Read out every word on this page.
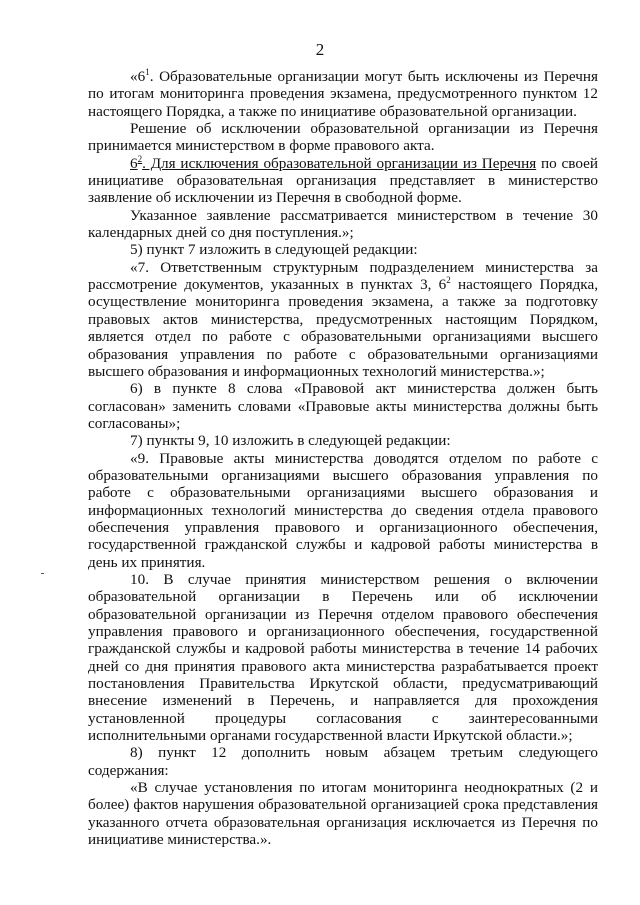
2

«$6^1$. Образовательные организации могут быть исключены из Перечня по итогам мониторинга проведения экзамена, предусмотренного пунктом 12 настоящего Порядка, а также по инициативе образовательной организации.

Решение об исключении образовательной организации из Перечня принимается министерством в форме правового акта.

$6^2$. Для исключения образовательной организации из Перечня по своей инициативе образовательная организация представляет в министерство заявление об исключении из Перечня в свободной форме.

Указанное заявление рассматривается министерством в течение 30 календарных дней со дня поступления.»;

5) пункт 7 изложить в следующей редакции:

«7. Ответственным структурным подразделением министерства за рассмотрение документов, указанных в пунктах 3, $6^2$ настоящего Порядка, осуществление мониторинга проведения экзамена, а также за подготовку правовых актов министерства, предусмотренных настоящим Порядком, является отдел по работе с образовательными организациями высшего образования управления по работе с образовательными организациями высшего образования и информационных технологий министерства.»;

6) в пункте 8 слова «Правовой акт министерства должен быть согласован» заменить словами «Правовые акты министерства должны быть согласованы»;

7) пункты 9, 10 изложить в следующей редакции:

«9. Правовые акты министерства доводятся отделом по работе с образовательными организациями высшего образования управления по работе с образовательными организациями высшего образования и информационных технологий министерства до сведения отдела правового обеспечения управления правового и организационного обеспечения, государственной гражданской службы и кадровой работы министерства в день их принятия.

10. В случае принятия министерством решения о включении образовательной организации в Перечень или об исключении образовательной организации из Перечня отделом правового обеспечения управления правового и организационного обеспечения, государственной гражданской службы и кадровой работы министерства в течение 14 рабочих дней со дня принятия правового акта министерства разрабатывается проект постановления Правительства Иркутской области, предусматривающий внесение изменений в Перечень, и направляется для прохождения установленной процедуры согласования с заинтересованными исполнительными органами государственной власти Иркутской области.»;

8) пункт 12 дополнить новым абзацем третьим следующего содержания:

«В случае установления по итогам мониторинга неоднократных (2 и более) фактов нарушения образовательной организацией срока представления указанного отчета образовательная организация исключается из Перечня по инициативе министерства.».
